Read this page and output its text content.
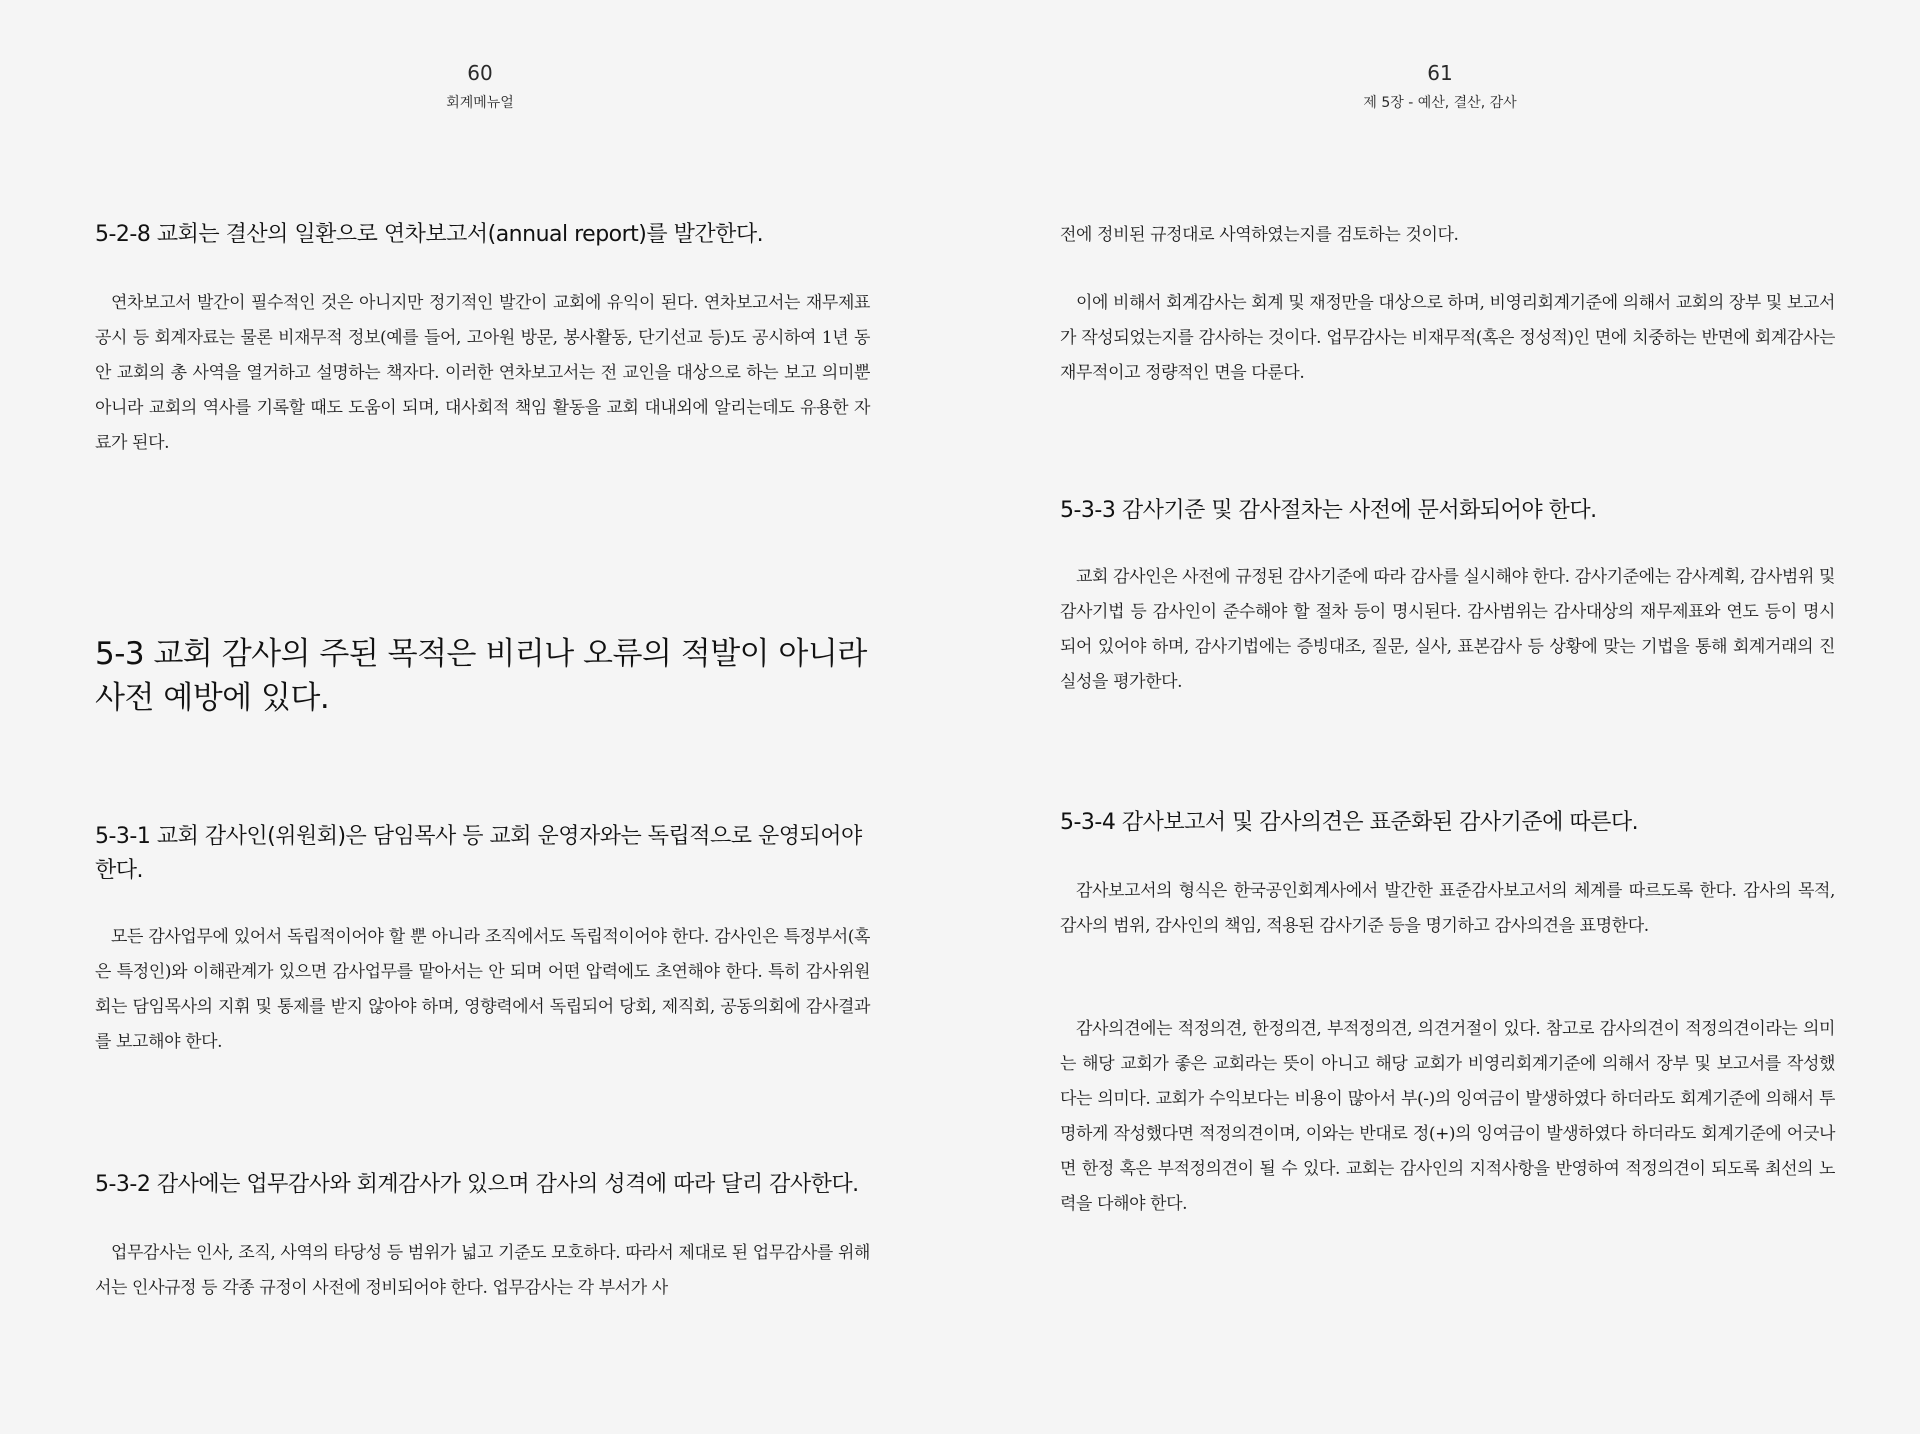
60
회계메뉴얼
5-2-8 교회는 결산의 일환으로 연차보고서(annual report)를 발간한다.

연차보고서 발간이 필수적인 것은 아니지만 정기적인 발간이 교회에 유익이 된다. 연차보고서는 재무제표 공시 등 회계자료는 물론 비재무적 정보(예를 들어, 고아원 방문, 봉사활동, 단기선교 등)도 공시하여 1년 동안 교회의 총 사역을 열거하고 설명하는 책자다. 이러한 연차보고서는 전 교인을 대상으로 하는 보고 의미뿐 아니라 교회의 역사를 기록할 때도 도움이 되며, 대사회적 책임 활동을 교회 대내외에 알리는데도 유용한 자료가 된다.

5-3 교회 감사의 주된 목적은 비리나 오류의 적발이 아니라 사전 예방에 있다.
5-3-1 교회 감사인(위원회)은 담임목사 등 교회 운영자와는 독립적으로 운영되어야 한다.

모든 감사업무에 있어서 독립적이어야 할 뿐 아니라 조직에서도 독립적이어야 한다. 감사인은 특정부서(혹은 특정인)와 이해관계가 있으면 감사업무를 맡아서는 안 되며 어떤 압력에도 초연해야 한다. 특히 감사위원회는 담임목사의 지휘 및 통제를 받지 않아야 하며, 영향력에서 독립되어 당회, 제직회, 공동의회에 감사결과를 보고해야 한다.

5-3-2 감사에는 업무감사와 회계감사가 있으며 감사의 성격에 따라 달리 감사한다.

업무감사는 인사, 조직, 사역의 타당성 등 범위가 넓고 기준도 모호하다. 따라서 제대로 된 업무감사를 위해서는 인사규정 등 각종 규정이 사전에 정비되어야 한다. 업무감사는 각 부서가 사

61
제 5장 - 예산, 결산, 감사

전에 정비된 규정대로 사역하였는지를 검토하는 것이다.

이에 비해서 회계감사는 회계 및 재정만을 대상으로 하며, 비영리회계기준에 의해서 교회의 장부 및 보고서가 작성되었는지를 감사하는 것이다. 업무감사는 비재무적(혹은 정성적)인 면에 치중하는 반면에 회계감사는 재무적이고 정량적인 면을 다룬다.

5-3-3 감사기준 및 감사절차는 사전에 문서화되어야 한다.

교회 감사인은 사전에 규정된 감사기준에 따라 감사를 실시해야 한다. 감사기준에는 감사계획, 감사범위 및 감사기법 등 감사인이 준수해야 할 절차 등이 명시된다. 감사범위는 감사대상의 재무제표와 연도 등이 명시되어 있어야 하며, 감사기법에는 증빙대조, 질문, 실사, 표본감사 등 상황에 맞는 기법을 통해 회계거래의 진실성을 평가한다.

5-3-4 감사보고서 및 감사의견은 표준화된 감사기준에 따른다.

감사보고서의 형식은 한국공인회계사에서 발간한 표준감사보고서의 체계를 따르도록 한다. 감사의 목적, 감사의 범위, 감사인의 책임, 적용된 감사기준 등을 명기하고 감사의견을 표명한다.

감사의견에는 적정의견, 한정의견, 부적정의견, 의견거절이 있다. 참고로 감사의견이 적정의견이라는 의미는 해당 교회가 좋은 교회라는 뜻이 아니고 해당 교회가 비영리회계기준에 의해서 장부 및 보고서를 작성했다는 의미다. 교회가 수익보다는 비용이 많아서 부(-)의 잉여금이 발생하였다 하더라도 회계기준에 의해서 투명하게 작성했다면 적정의견이며, 이와는 반대로 정(+)의 잉여금이 발생하였다 하더라도 회계기준에 어긋나면 한정 혹은 부적정의견이 될 수 있다. 교회는 감사인의 지적사항을 반영하여 적정의견이 되도록 최선의 노력을 다해야 한다.
